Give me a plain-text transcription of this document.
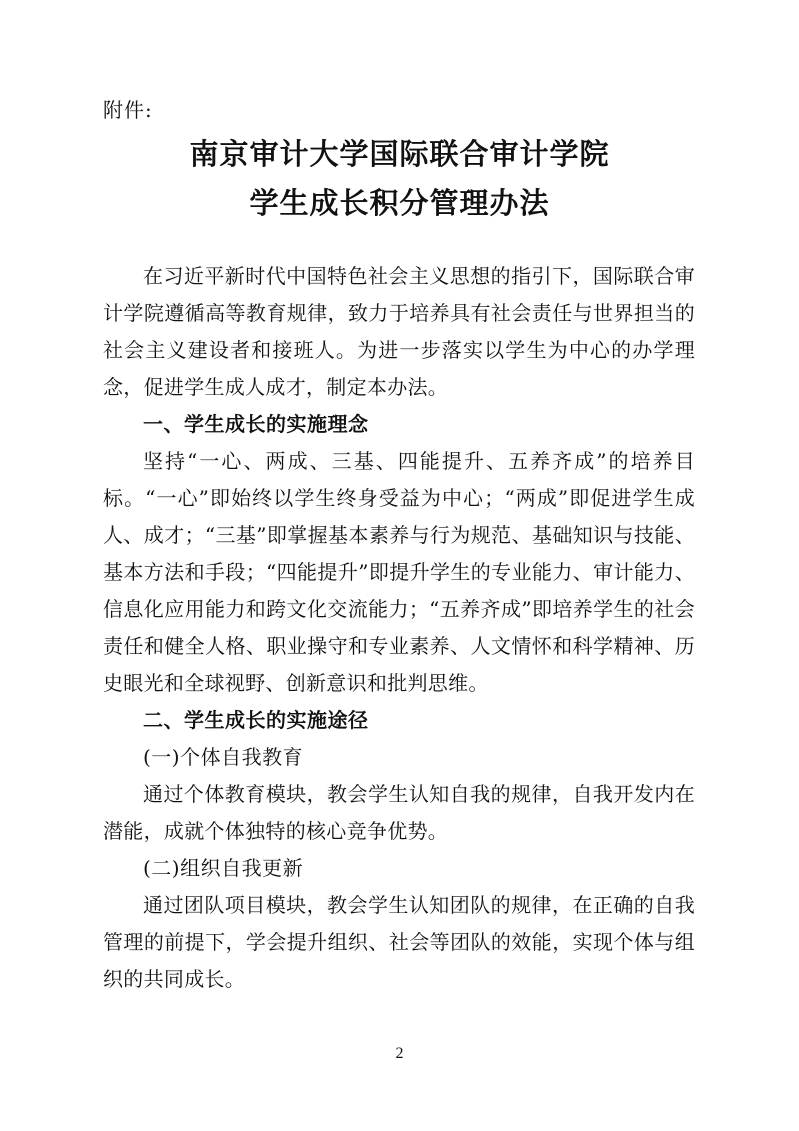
附件:
南京审计大学国际联合审计学院
学生成长积分管理办法

在习近平新时代中国特色社会主义思想的指引下，国际联合审计学院遵循高等教育规律，致力于培养具有社会责任与世界担当的社会主义建设者和接班人。为进一步落实以学生为中心的办学理念，促进学生成人成才，制定本办法。

一、学生成长的实施理念

坚持“一心、两成、三基、四能提升、五养齐成”的培养目标。“一心”即始终以学生终身受益为中心；“两成”即促进学生成人、成才；“三基”即掌握基本素养与行为规范、基础知识与技能、基本方法和手段；“四能提升”即提升学生的专业能力、审计能力、信息化应用能力和跨文化交流能力；“五养齐成”即培养学生的社会责任和健全人格、职业操守和专业素养、人文情怀和科学精神、历史眼光和全球视野、创新意识和批判思维。

二、学生成长的实施途径

(一)个体自我教育

通过个体教育模块，教会学生认知自我的规律，自我开发内在潜能，成就个体独特的核心竞争优势。

(二)组织自我更新

通过团队项目模块，教会学生认知团队的规律，在正确的自我管理的前提下，学会提升组织、社会等团队的效能，实现个体与组织的共同成长。

2
